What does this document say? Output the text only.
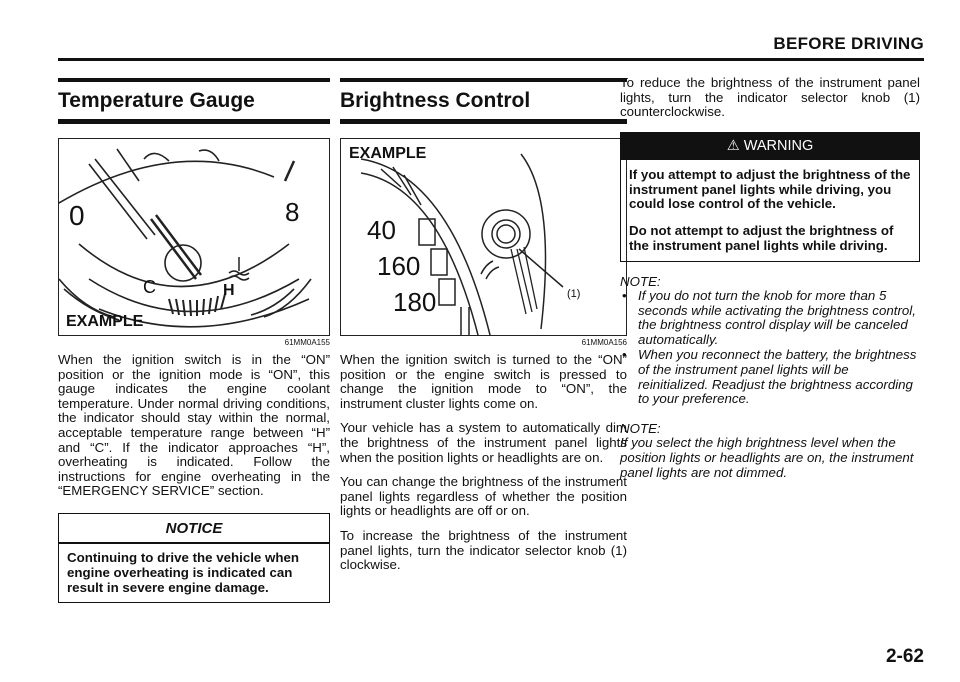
BEFORE DRIVING
Temperature Gauge
0	8
C	H
EXAMPLE
61MM0A155

When the ignition switch is in the “ON” position or the ignition mode is “ON”, this gauge indicates the engine coolant temperature. Under normal driving conditions, the indicator should stay within the normal, acceptable temperature range between “H” and “C”. If the indicator approaches “H”, overheating is indicated. Follow the instructions for engine overheating in the “EMERGENCY SERVICE” section.

NOTICE
Continuing to drive the vehicle when engine overheating is indicated can result in severe engine damage.
Brightness Control
40
160
180	(1)
EXAMPLE
61MM0A156

When the ignition switch is turned to the “ON” position or the engine switch is pressed to change the ignition mode to “ON”, the instrument cluster lights come on.

Your vehicle has a system to automatically dim the brightness of the instrument panel lights when the position lights or headlights are on.

You can change the brightness of the instrument panel lights regardless of whether the position lights or headlights are off or on.

To increase the brightness of the instrument panel lights, turn the indicator selector knob (1) clockwise.

To reduce the brightness of the instrument panel lights, turn the indicator selector knob (1) counterclockwise.

⚠ WARNING

If you attempt to adjust the brightness of the instrument panel lights while driving, you could lose control of the vehicle.

Do not attempt to adjust the brightness of the instrument panel lights while driving.

NOTE:
• If you do not turn the knob for more than 5 seconds while activating the brightness control, the brightness control display will be canceled automatically.
• When you reconnect the battery, the brightness of the instrument panel lights will be reinitialized. Readjust the brightness according to your preference.
NOTE:
If you select the high brightness level when the position lights or headlights are on, the instrument panel lights are not dimmed.
2-62
